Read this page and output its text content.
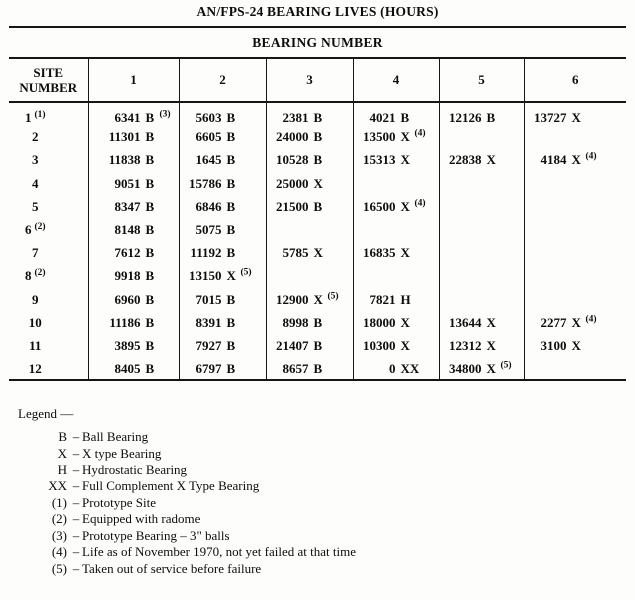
AN/FPS-24 BEARING LIVES (HOURS)
BEARING NUMBER						
SITE
NUMBER	1	2	3	4	5	6
1 $^{(1)}$	6341 B $^{(3)}$	5603 B	2381 B	4021 B	12126 B	13727 X
2	11301 B	6605 B	24000 B	13500 X $^{(4)}$		
3	11838 B	1645 B	10528 B	15313 X	22838 X	4184 X $^{(4)}$
4	9051 B	15786 B	25000 X			
5	8347 B	6846 B	21500 B	16500 X $^{(4)}$		
6 $^{(2)}$	8148 B	5075 B				
7	7612 B	11192 B	5785 X	16835 X		
8 $^{(2)}$	9918 B	13150 X $^{(5)}$				
9	6960 B	7015 B	12900 X $^{(5)}$	7821 H		
10	11186 B	8391 B	8998 B	18000 X	13644 X	2277 X $^{(4)}$
11	3895 B	7927 B	21407 B	10300 X	12312 X	3100 X
12	8405 B	6797 B	8657 B	0 XX	34800 X $^{(5)}$	
Legend —
B – Ball Bearing
X – X type Bearing
H – Hydrostatic Bearing
XX – Full Complement X Type Bearing
(1) – Prototype Site
(2) – Equipped with radome
(3) – Prototype Bearing – 3" balls
(4) – Life as of November 1970, not yet failed at that time
(5) – Taken out of service before failure
